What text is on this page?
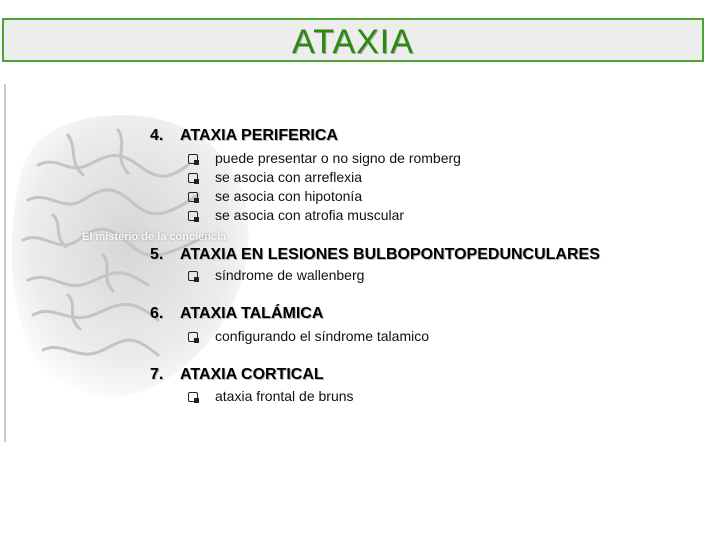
ATAXIA
El misterio de la conciencia
4. ATAXIA PERIFERICA
puede presentar o no signo de romberg
se asocia con arreflexia
se asocia con hipotonía
se asocia con atrofia muscular
5. ATAXIA EN LESIONES BULBOPONTOPEDUNCULARES
síndrome de wallenberg
6. ATAXIA TALÁMICA
configurando el síndrome talamico
7. ATAXIA CORTICAL
ataxia frontal de bruns
